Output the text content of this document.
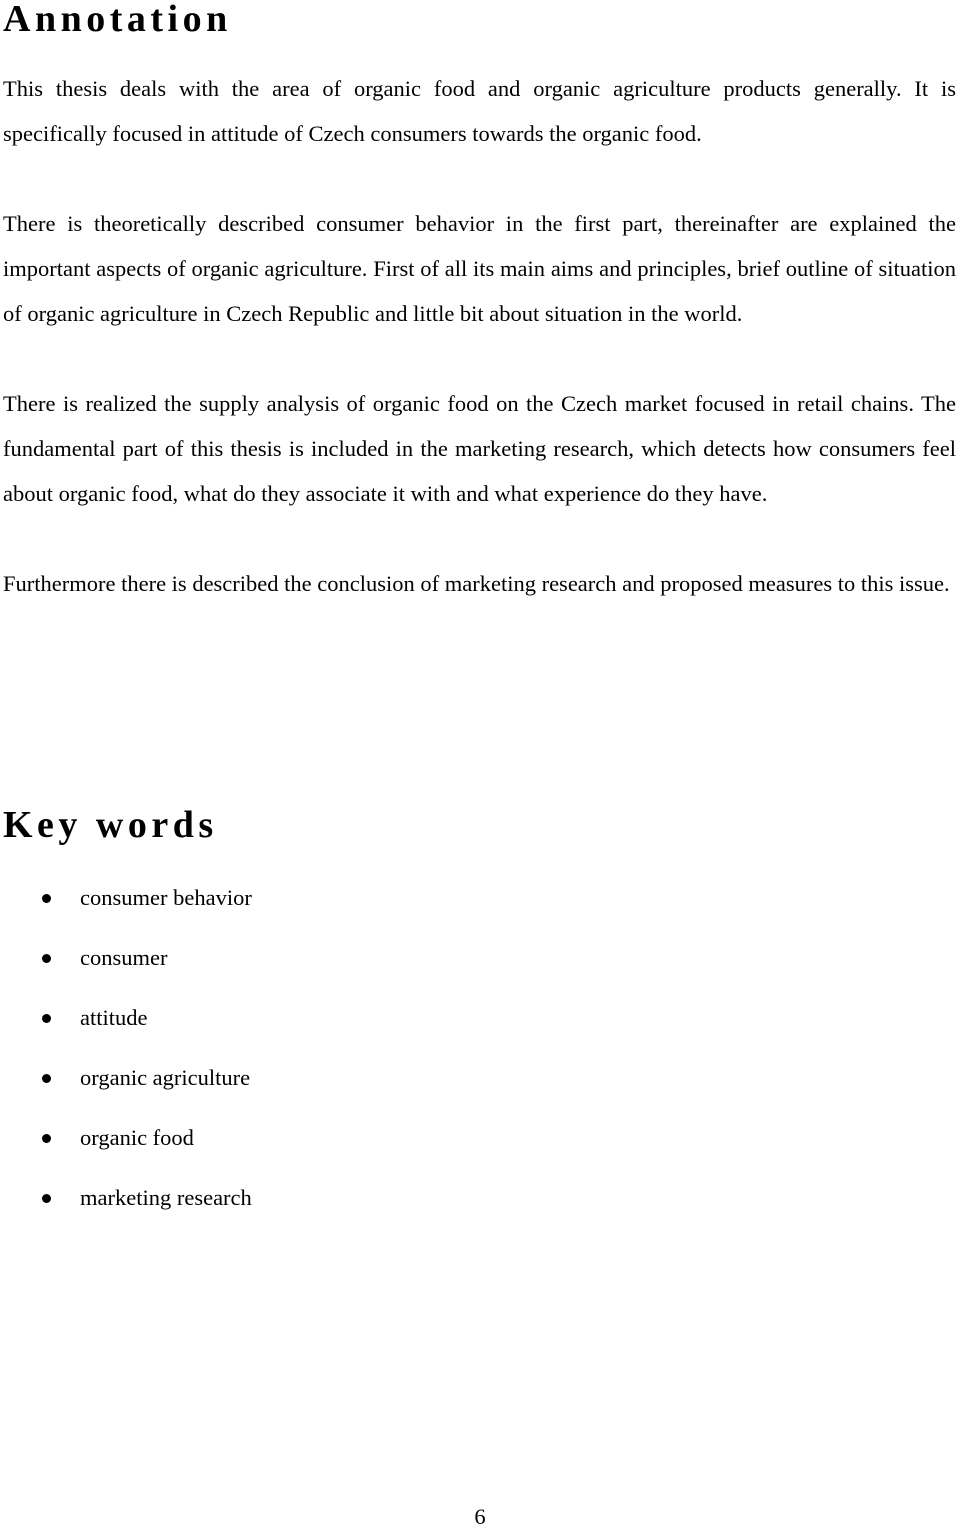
Annotation

This thesis deals with the area of organic food and organic agriculture products generally. It is specifically focused in attitude of Czech consumers towards the organic food.

There is theoretically described consumer behavior in the first part, thereinafter are explained the important aspects of organic agriculture. First of all its main aims and principles, brief outline of situation of organic agriculture in Czech Republic and little bit about situation in the world.

There is realized the supply analysis of organic food on the Czech market focused in retail chains. The fundamental part of this thesis is included in the marketing research, which detects how consumers feel about organic food, what do they associate it with and what experience do they have.

Furthermore there is described the conclusion of marketing research and proposed measures to this issue.

Key words
consumer behavior
consumer
attitude
organic agriculture
organic food
marketing research
6
